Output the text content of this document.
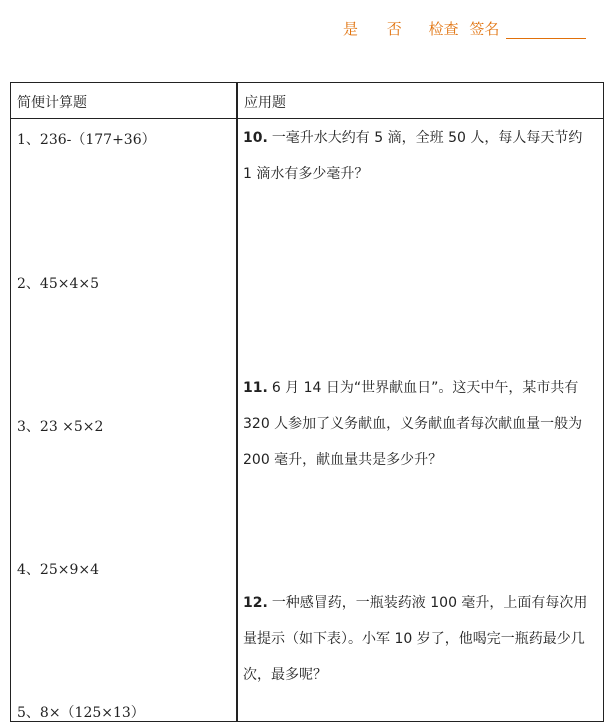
是 否 检查 签名
简便计算题	应用题
1、236-（177+36）
2、45×4×5
3、23 ×5×2
4、25×9×4
5、8×（125×13）
10. 一毫升水大约有 5 滴，全班 50 人，每人每天节约 1 滴水有多少毫升？
11. 6 月 14 日为“世界献血日”。这天中午，某市共有 320 人参加了义务献血，义务献血者每次献血量一般为 200 毫升，献血量共是多少升？
12. 一种感冒药，一瓶装药液 100 毫升，上面有每次用量提示（如下表）。小军 10 岁了，他喝完一瓶药最少几次，最多呢？
